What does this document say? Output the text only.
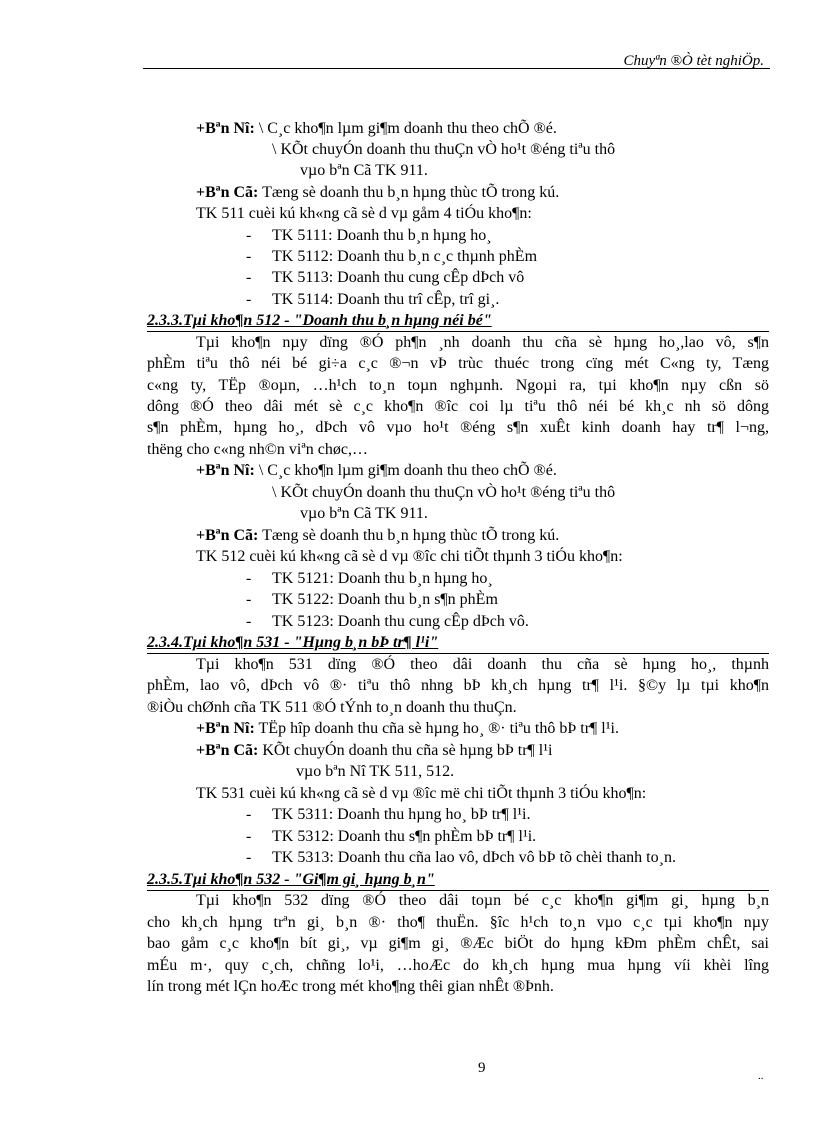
Chuyªn ®Ò tèt nghiÖp.
+Bªn Nî: \ C¸c kho¶n lµm gi¶m doanh thu theo chÕ ®é.
\ KÕt chuyÓn doanh thu thuÇn vÒ ho¹t ®éng tiªu thô
vµo bªn Cã TK 911.
+Bªn Cã: Tæng sè doanh thu b¸n hµng thùc tÕ trong kú.
TK 511 cuèi kú kh«ng cã sè d vµ gåm 4 tiÓu kho¶n:
- TK 5111: Doanh thu b¸n hµng ho¸
- TK 5112: Doanh thu b¸n c¸c thµnh phÈm
- TK 5113: Doanh thu cung cÊp dÞch vô
- TK 5114: Doanh thu trî cÊp, trî gi¸.
2.3.3.Tµi kho¶n 512 - "Doanh thu b¸n hµng néi bé"
Tµi kho¶n nµy dïng ®Ó ph¶n ¸nh doanh thu cña sè hµng ho¸,lao vô, s¶n
phÈm tiªu thô néi bé gi÷a c¸c ®¬n vÞ trùc thuéc trong cïng mét C«ng ty, Tæng
c«ng ty, TËp ®oµn, …h¹ch to¸n toµn nghµnh. Ngoµi ra, tµi kho¶n nµy cßn sö
dông ®Ó theo dâi mét sè c¸c kho¶n ®îc coi lµ tiªu thô néi bé kh¸c nh sö dông
s¶n phÈm, hµng ho¸, dÞch vô vµo ho¹t ®éng s¶n xuÊt kinh doanh hay tr¶ l¬ng,
thëng cho c«ng nh©n viªn chøc,…
+Bªn Nî: \ C¸c kho¶n lµm gi¶m doanh thu theo chÕ ®é.
\ KÕt chuyÓn doanh thu thuÇn vÒ ho¹t ®éng tiªu thô
vµo bªn Cã TK 911.
+Bªn Cã: Tæng sè doanh thu b¸n hµng thùc tÕ trong kú.
TK 512 cuèi kú kh«ng cã sè d vµ ®îc chi tiÕt thµnh 3 tiÓu kho¶n:
- TK 5121: Doanh thu b¸n hµng ho¸
- TK 5122: Doanh thu b¸n s¶n phÈm
- TK 5123: Doanh thu cung cÊp dÞch vô.
2.3.4.Tµi kho¶n 531 - "Hµng b¸n bÞ tr¶ l¹i"
Tµi kho¶n 531 dïng ®Ó theo dâi doanh thu cña sè hµng ho¸, thµnh
phÈm, lao vô, dÞch vô ®· tiªu thô nhng bÞ kh¸ch hµng tr¶ l¹i. §©y lµ tµi kho¶n
®iÒu chØnh cña TK 511 ®Ó tÝnh to¸n doanh thu thuÇn.
+Bªn Nî: TËp hîp doanh thu cña sè hµng ho¸ ®· tiªu thô bÞ tr¶ l¹i.
+Bªn Cã: KÕt chuyÓn doanh thu cña sè hµng bÞ tr¶ l¹i
vµo bªn Nî TK 511, 512.
TK 531 cuèi kú kh«ng cã sè d vµ ®îc më chi tiÕt thµnh 3 tiÓu kho¶n:
- TK 5311: Doanh thu hµng ho¸ bÞ tr¶ l¹i.
- TK 5312: Doanh thu s¶n phÈm bÞ tr¶ l¹i.
- TK 5313: Doanh thu cña lao vô, dÞch vô bÞ tõ chèi thanh to¸n.
2.3.5.Tµi kho¶n 532 - "Gi¶m gi¸ hµng b¸n"
Tµi kho¶n 532 dïng ®Ó theo dâi toµn bé c¸c kho¶n gi¶m gi¸ hµng b¸n
cho kh¸ch hµng trªn gi¸ b¸n ®· tho¶ thuËn. §îc h¹ch to¸n vµo c¸c tµi kho¶n nµy
bao gåm c¸c kho¶n bít gi¸, vµ gi¶m gi¸ ®Æc biÖt do hµng kÐm phÈm chÊt, sai
mÉu m·, quy c¸ch, chñng lo¹i, …hoÆc do kh¸ch hµng mua hµng víi khèi lîng
lín trong mét lÇn hoÆc trong mét kho¶ng thêi gian nhÊt ®Þnh.
9	..
